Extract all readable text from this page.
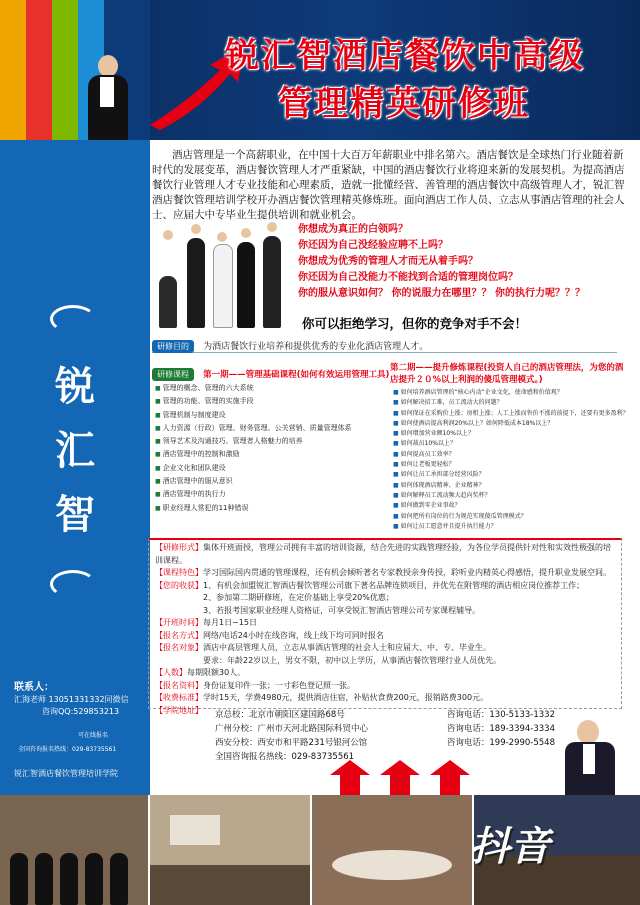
锐汇智酒店餐饮中高级
管理精英研修班
锐
汇
智
联系人：
汇海老师 13051331332同微信
咨询QQ:529853213
可在线报名
全国咨询报名热线：029-83735561
锐汇智酒店餐饮管理培训学院
酒店管理是一个高薪职业，在中国十大百万年薪职业中排名第六。酒店餐饮是全球热门行业随着新时代的发展变革，酒店餐饮管理人才严重紧缺，中国的酒店餐饮行业将迎来新的发展契机。为提高酒店餐饮行业管理人才专业技能和心理素质，造就一批懂经营、善管理的酒店餐饮中高级管理人才，锐汇智酒店餐饮管理培训学校开办酒店餐饮管理精英修炼班。面向酒店工作人员、立志从事酒店管理的社会人士、应届大中专毕业生提供培训和就业机会。
你想成为真正的白领吗？
你还因为自己没经验应聘不上吗？
你想成为优秀的管理人才而无从着手吗？
你还因为自己没能力不能找到合适的管理岗位吗？
你的服从意识如何？ 你的说服力在哪里？？ 你的执行力呢？？？
你可以拒绝学习，但你的竞争对手不会！
研修目的 为酒店餐饮行业培养和提供优秀的专业化酒店管理人才。
研修课程 第一期——管理基础课程(如何有效运用管理工具)
■ 管理的概念、管理的六大系统
■ 管理的功能、管理的实施手段
■ 管理机制与制度建设
■ 人力资源（行政）管理、财务管理、公关营销、质量管理体系
■ 领导艺术及沟通技巧、管理者人格魅力的培养
■ 酒店管理中的控制和激励
■ 企业文化和团队建设
■ 酒店管理中的服从意识
■ 酒店管理中的执行力
■ 职业经理人常犯的11种错误
第二期——提升修炼课程(投资人自己的酒店管理法，为您的酒店提升２０%以上利润的傻瓜管理模式。)
■ 如何培养酒店管理的“核心内动”企业文化，使命感和价值观？
■ 如何解决招工难，员工流动大的问题？
■ 如何保证在采购价上涨；房租上涨；人工上涨而售价不涨的前提下，还要有更多盈利？
■ 如何使酒店提高利润20%以上？如何降低成本18%以上？
■ 如何增加营业额10%以上？
■ 如何裁员10%以上？
■ 如何提高员工效率？
■ 如何让老板更轻松？
■ 如何让员工承担部分经营风险？
■ 如何体现酒店精神、企业精神？
■ 如何解释员工流动频大趋向奖杯？
■ 如何做到零企业事故？
■ 如何把所有岗位的行为规范实现傻瓜管理模式？
■ 如何让员工愿意并且提升执行能力？
【研修形式】集体开班面授，管理公司拥有丰富的培训资源，结合先进的实践管理经验，为各位学员提供针对性和实效性极强的培训课程。
【课程特色】学习国际国内贯通的管理课程，还有机会倾听著名专家教授亲身传授，聆听业内精英心得感悟，提升职业发展空间。
【您的收获】1、有机会加盟锐汇智酒店餐饮管理公司旗下著名品牌连锁项目，并优先在附管理的酒店相应岗位推荐工作；
2、参加第二期研修班，在定价基础上享受20%优惠；
3、若报考国家职业经理人资格证，可享受锐汇智酒店管理公司专家课程辅导。
【开班时间】每月1日~15日
【报名方式】网络/电话24小时在线咨询，线上线下均可同时报名
【报名对象】酒店中高层管理人员，立志从事酒店管理的社会人士和应届大、中、专、毕业生。
要求：年龄22岁以上，男女不限，初中以上学历，从事酒店餐饮管理行业人员优先。
【人数】每期限额30人。
【报名资料】身份证复印件一张；一寸彩色登记照一张。
【收费标准】学时15天，学费4980元，提供酒店住宿，补贴伙食费200元，报销路费300元。
【学院地址】	京总校：北京市朝阳区建国路68号	咨询电话：130-5133-1332
广州分校：广州市天河北路国际科贸中心	咨询电话：189-3394-3334
西安分校：西安市和平路231号银河公馆	咨询电话：199-2990-5548
全国咨询报名热线：029-83735561
抖音
